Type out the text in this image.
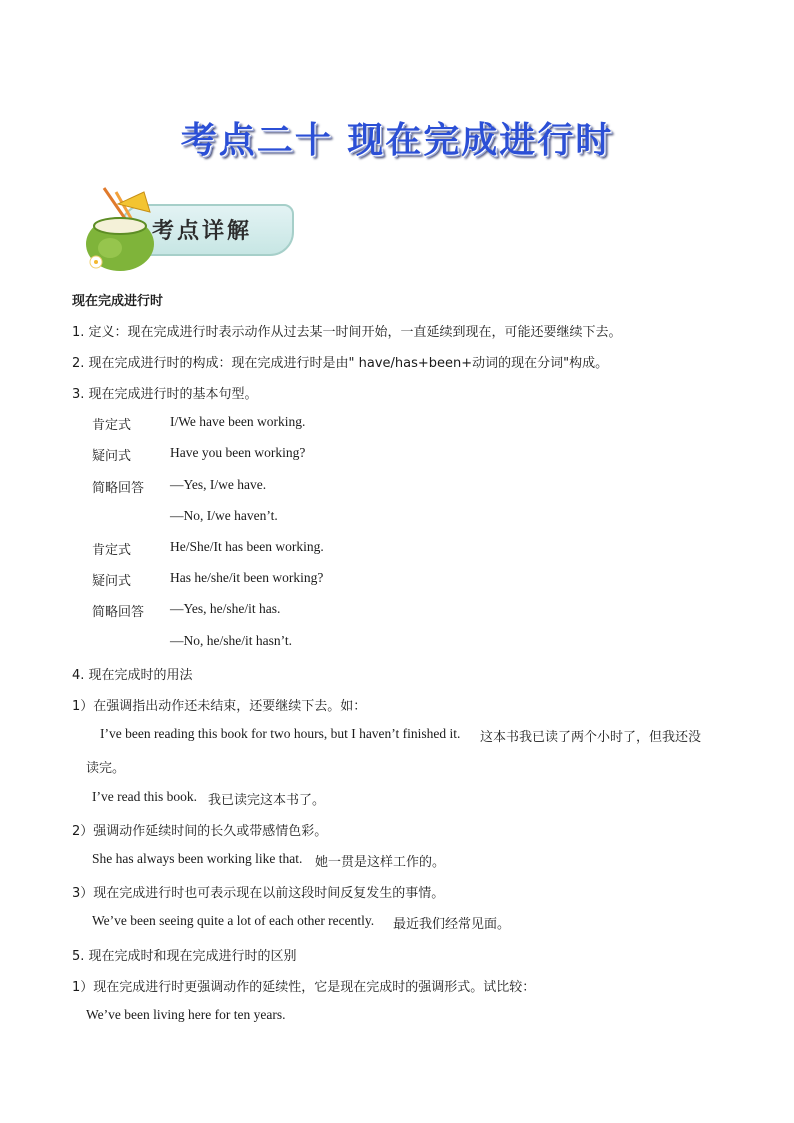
考点二十 现在完成进行时
考点详解
现在完成进行时
1. 定义：现在完成进行时表示动作从过去某一时间开始，一直延续到现在，可能还要继续下去。
2. 现在完成进行时的构成：现在完成进行时是由" have/has+been+动词的现在分词"构成。
3. 现在完成进行时的基本句型。
肯定式	I/We have been working.
疑问式	Have you been working?
简略回答 —Yes, I/we have.
—No, I/we haven’t.
肯定式	He/She/It has been working.
疑问式	Has he/she/it been working?
简略回答 —Yes, he/she/it has.
—No, he/she/it hasn’t.
4. 现在完成时的用法
1）在强调指出动作还未结束，还要继续下去。如：
I’ve been reading this book for two hours, but I haven’t finished it. 这本书我已读了两个小时了，但我还没
读完。
I’ve read this book. 我已读完这本书了。
2）强调动作延续时间的长久或带感情色彩。
She has always been working like that. 她一贯是这样工作的。
3）现在完成进行时也可表示现在以前这段时间反复发生的事情。
We’ve been seeing quite a lot of each other recently. 最近我们经常见面。
5. 现在完成时和现在完成进行时的区别
1）现在完成进行时更强调动作的延续性，它是现在完成时的强调形式。试比较：
We’ve been living here for ten years.
